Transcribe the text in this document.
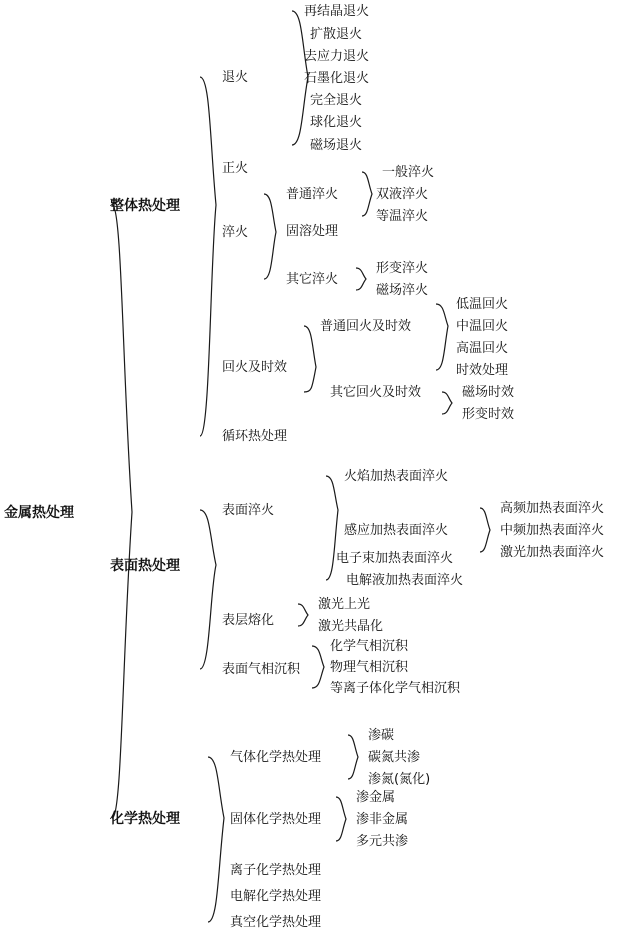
金属热处理
整体热处理
表面热处理
化学热处理
退火
正火
淬火
回火及时效
循环热处理
表面淬火
表层熔化
表面气相沉积
气体化学热处理
固体化学热处理
离子化学热处理
电解化学热处理
真空化学热处理
再结晶退火
扩散退火
去应力退火
石墨化退火
完全退火
球化退火
磁场退火
普通淬火
固溶处理
其它淬火
普通回火及时效
其它回火及时效
火焰加热表面淬火
感应加热表面淬火
电子束加热表面淬火
电解液加热表面淬火
激光上光
激光共晶化
化学气相沉积
物理气相沉积
等离子体化学气相沉积
渗碳
碳氮共渗
渗氮(氮化)
渗金属
渗非金属
多元共渗
一般淬火
双液淬火
等温淬火
形变淬火
磁场淬火
低温回火
中温回火
高温回火
时效处理
磁场时效
形变时效
高频加热表面淬火
中频加热表面淬火
激光加热表面淬火
